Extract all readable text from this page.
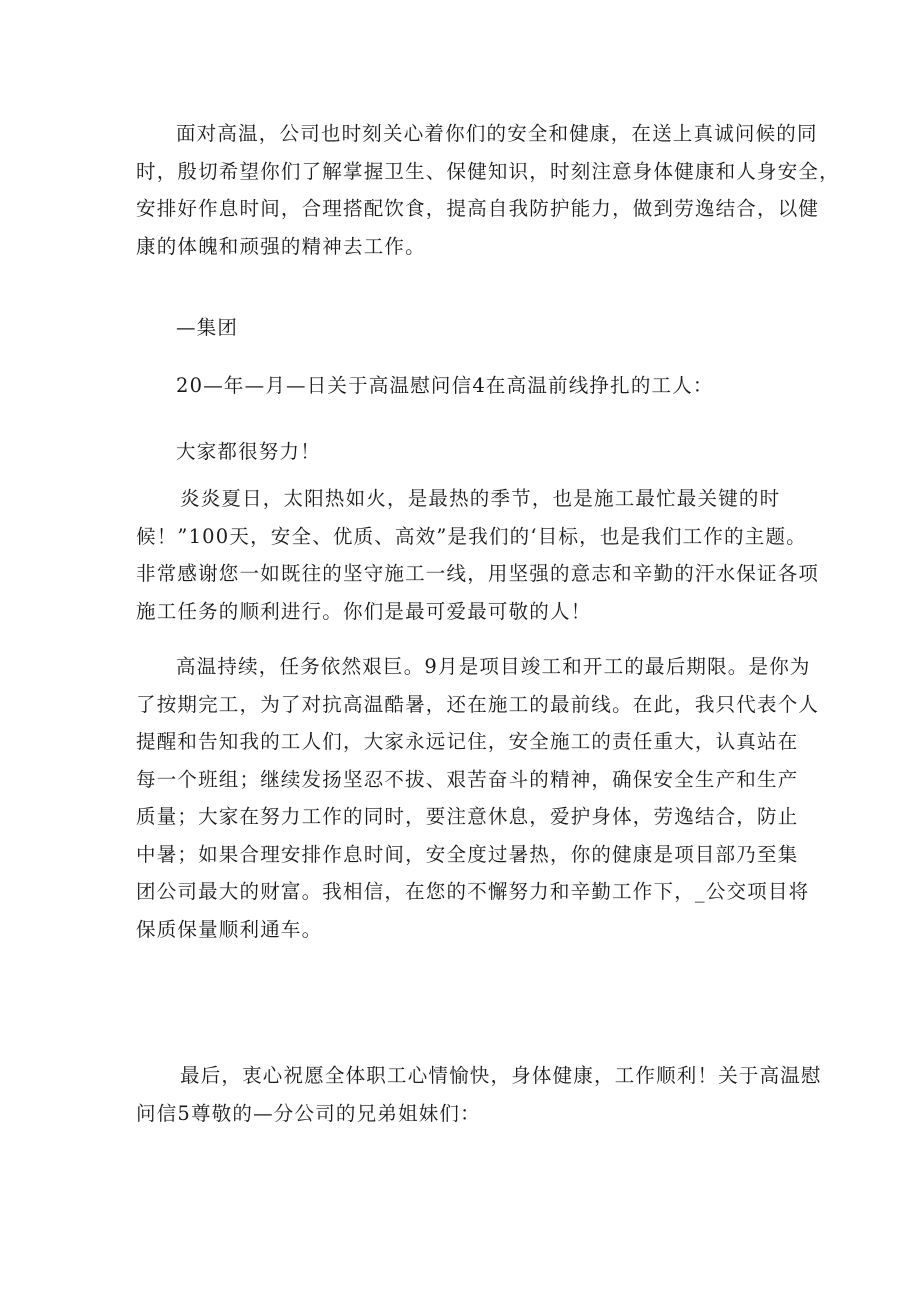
面对高温，公司也时刻关心着你们的安全和健康，在送上真诚问候的同
时，殷切希望你们了解掌握卫生、保健知识，时刻注意身体健康和人身安全，
安排好作息时间，合理搭配饮食，提高自我防护能力，做到劳逸结合，以健
康的体魄和顽强的精神去工作。

—集团

20—年—月—日关于高温慰问信4在高温前线挣扎的工人：

大家都很努力！

炎炎夏日，太阳热如火，是最热的季节，也是施工最忙最关键的时
候！”100天，安全、优质、高效”是我们的‘目标，也是我们工作的主题。
非常感谢您一如既往的坚守施工一线，用坚强的意志和辛勤的汗水保证各项
施工任务的顺利进行。你们是最可爱最可敬的人！

高温持续，任务依然艰巨。9月是项目竣工和开工的最后期限。是你为
了按期完工，为了对抗高温酷暑，还在施工的最前线。在此，我只代表个人
提醒和告知我的工人们，大家永远记住，安全施工的责任重大，认真站在
每一个班组；继续发扬坚忍不拔、艰苦奋斗的精神，确保安全生产和生产
质量；大家在努力工作的同时，要注意休息，爱护身体，劳逸结合，防止
中暑；如果合理安排作息时间，安全度过暑热，你的健康是项目部乃至集
团公司最大的财富。我相信，在您的不懈努力和辛勤工作下，_公交项目将
保质保量顺利通车。

最后，衷心祝愿全体职工心情愉快，身体健康，工作顺利！关于高温慰
问信5尊敬的—分公司的兄弟姐妹们：
